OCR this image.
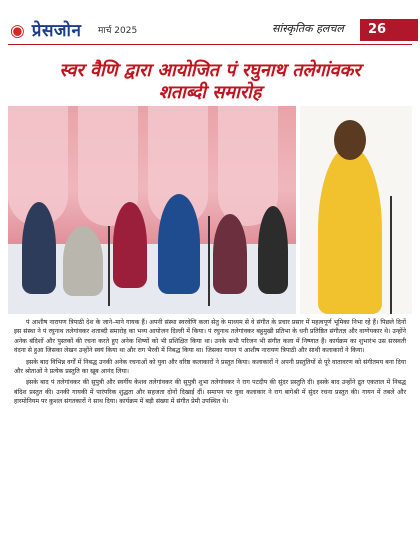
◉ प्रेसजोन मार्च 2025	सांस्कृतिक हलचल	26
स्वर वैणि द्वारा आयोजित पं रघुनाथ तलेगांवकर
शताब्दी समारोह

पं आशीष नारायण त्रिपाठी देश के जाने–माने गायक हैं। अपनी संस्था स्वरवेणि कला सेतु के माध्यम से वे संगीत के प्रचार प्रसार में महत्वपूर्ण भूमिका निभा रहे हैं। पिछले दिनों इस संस्था ने पं रघुनाथ तलेगांवकर शताब्दी समारोह का भव्य आयोजन दिल्ली में किया। पं रघुनाथ तलेगांवकर बहुमुखी प्रतिभा के धनी प्रतिष्ठित संगीतज्ञ और वाग्गेयकार थे। उन्होंने अनेक बंदिशों और पुस्तकों की रचना करते हुए अनेक शिष्यों को भी प्रशिक्षित किया था। उनके सभी परिजन भी संगीत कला में निष्णात हैं। कार्यक्रम का शुभारंभ उस सरस्वती वंदना से हुआ जिसका लेखन उन्होंने स्वयं किया था और राग भैरवी में निबद्ध किया था। जिसका गायन पं आशीष नारायण त्रिपाठी और साथी कलाकारों ने किया।

इसके बाद विभिन्न वर्गों में निबद्ध उनकी अनेक रचनाओं को युवा और वरिष्ठ कलाकारों ने प्रस्तुत किया। कलाकारों ने अपनी प्रस्तुतियों से पूरे वातावरण को संगीतमय बना दिया और श्रोताओं ने प्रत्येक प्रस्तुति का खूब आनंद लिया।

इसके बाद पं तलेगांवकर की सुपुत्री और स्वर्गीय केशव तलेगांवकर की सुपुत्री शुभा तलेगांवकर ने राग पटदीप की सुंदर प्रस्तुति दी। इसके बाद उन्होंने द्रुत एकताल में निबद्ध बंदिश प्रस्तुत की। उनकी गायकी में पारंपरिक शुद्धता और सहजता दोनों दिखाई दीं। समापन पर युवा कलाकार ने राग बागेश्री में सुंदर रचना प्रस्तुत की। गायन में तबले और हारमोनियम पर कुशल संगतकारों ने साथ दिया। कार्यक्रम में बड़ी संख्या में संगीत प्रेमी उपस्थित थे।
